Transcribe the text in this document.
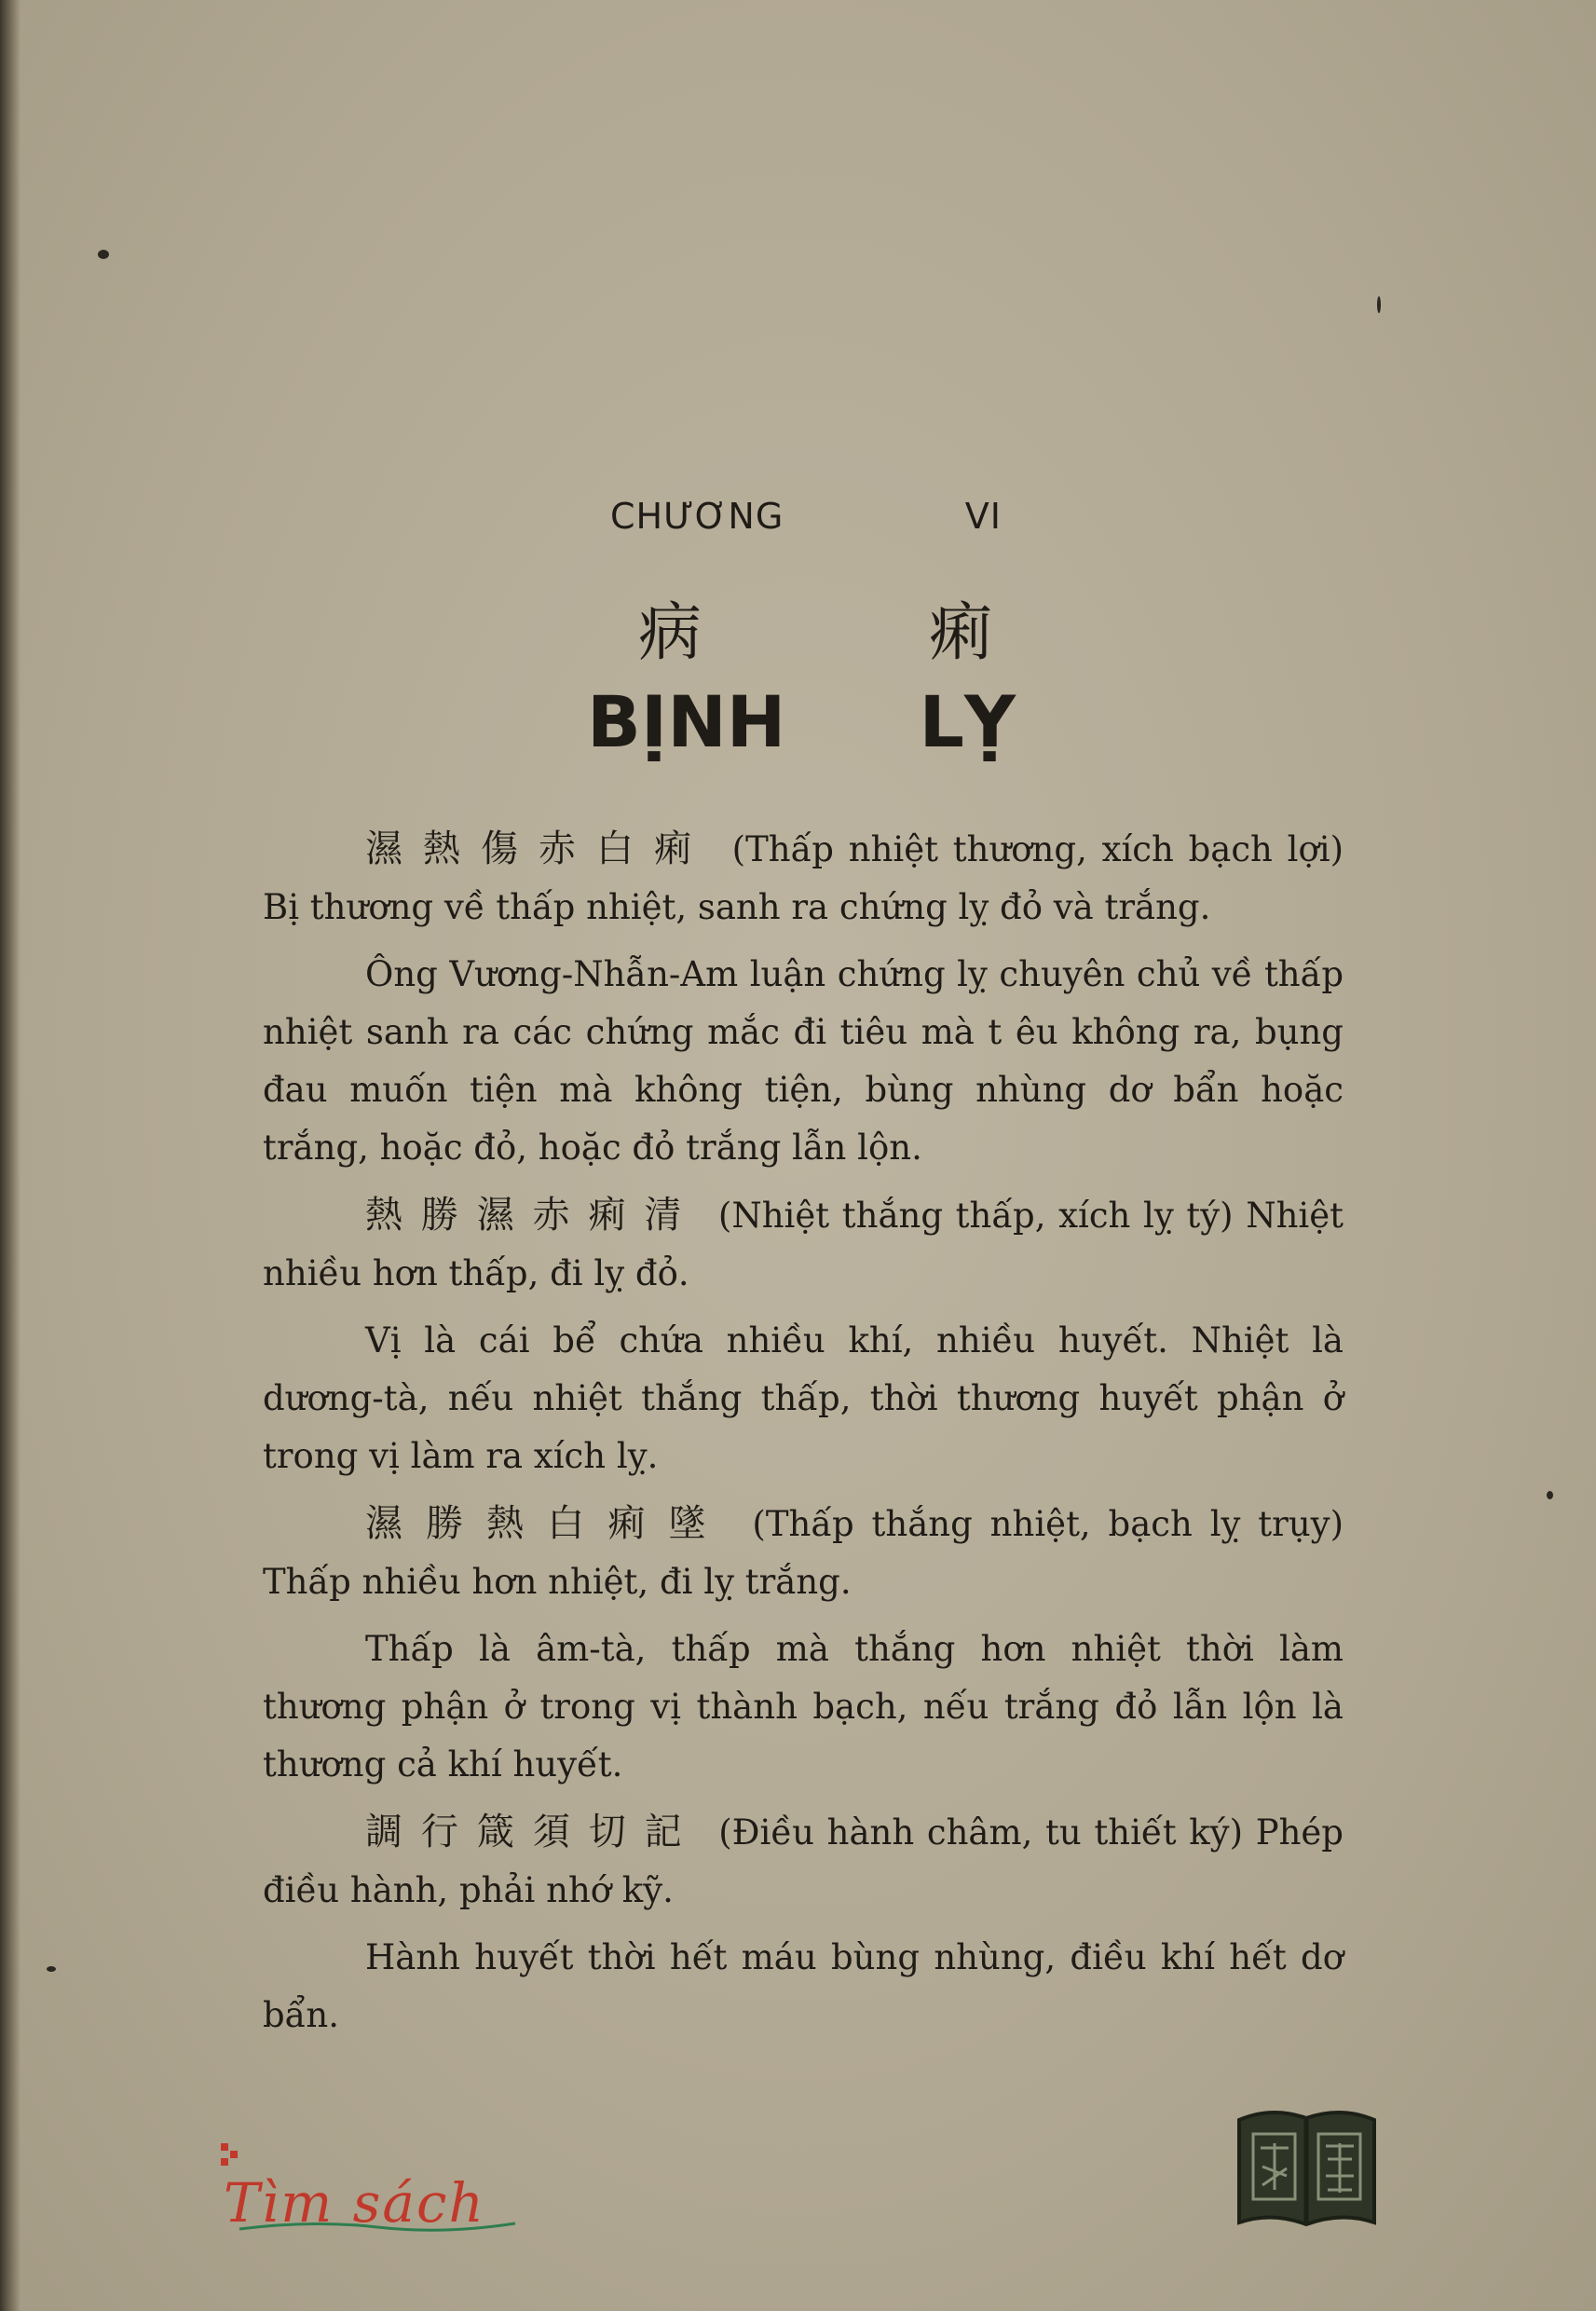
CHƯƠNG	VI
病	痢
BỊNH LỴ

濕熱傷赤白痢 (Thấp nhiệt thương, xích bạch lợi) Bị thương về thấp nhiệt, sanh ra chứng lỵ đỏ và trắng.

Ông Vương-Nhẫn-Am luận chứng lỵ chuyên chủ về thấp nhiệt sanh ra các chứng mắc đi tiêu mà t êu không ra, bụng đau muốn tiện mà không tiện, bùng nhùng dơ bẩn hoặc trắng, hoặc đỏ, hoặc đỏ trắng lẫn lộn.

熱勝濕赤痢清 (Nhiệt thắng thấp, xích lỵ tý) Nhiệt nhiều hơn thấp, đi lỵ đỏ.

Vị là cái bể chứa nhiều khí, nhiều huyết. Nhiệt là dương-tà, nếu nhiệt thắng thấp, thời thương huyết phận ở trong vị làm ra xích lỵ.

濕勝熱白痢墜 (Thấp thắng nhiệt, bạch lỵ trụy) Thấp nhiều hơn nhiệt, đi lỵ trắng.

Thấp là âm-tà, thấp mà thắng hơn nhiệt thời làm thương phận ở trong vị thành bạch, nếu trắng đỏ lẫn lộn là thương cả khí huyết.

調行箴須切記 (Điều hành châm, tu thiết ký) Phép điều hành, phải nhớ kỹ.

Hành huyết thời hết máu bùng nhùng, điều khí hết dơ bẩn.

Tìm sách
